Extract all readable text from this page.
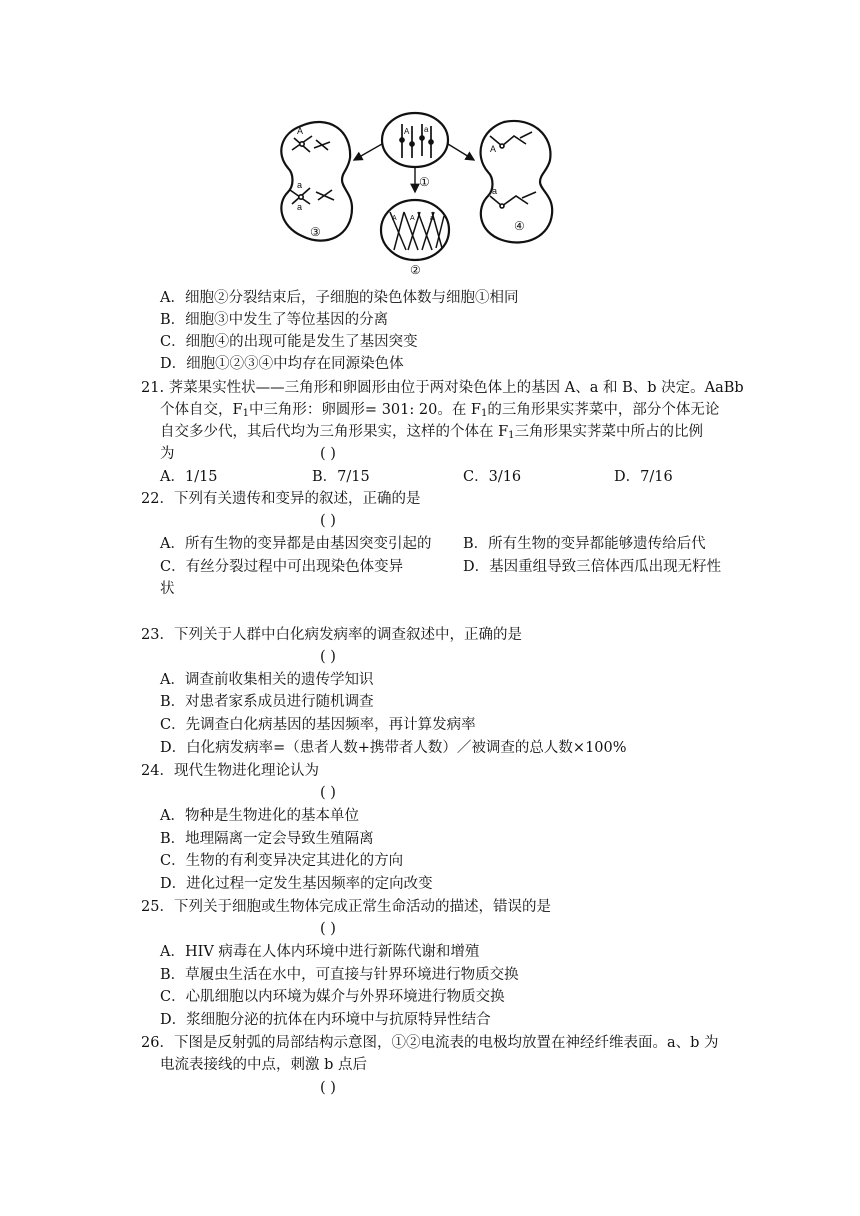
A
a
a
③
A a
①
A A a
②
A
a
④
A．细胞②分裂结束后，子细胞的染色体数与细胞①相同
B．细胞③中发生了等位基因的分离
C．细胞④的出现可能是发生了基因突变
D．细胞①②③④中均存在同源染色体
21. 荠菜果实性状——三角形和卵圆形由位于两对染色体上的基因 A、a 和 B、b 决定。AaBb
个体自交，$F_1$中三角形：卵圆形= 301: 20。在 $F_1$的三角形果实荠菜中，部分个体无论
自交多少代，其后代均为三角形果实，这样的个体在 $F_1$三角形果实荠菜中所占的比例
为	( )
A．1/15	B．7/15	C．3/16	D．7/16
22．下列有关遗传和变异的叙述，正确的是
( )
A．所有生物的变异都是由基因突变引起的 B．所有生物的变异都能够遗传给后代
C．有丝分裂过程中可出现染色体变异	D．基因重组导致三倍体西瓜出现无籽性
状
23．下列关于人群中白化病发病率的调查叙述中，正确的是
( )
A．调查前收集相关的遗传学知识
B．对患者家系成员进行随机调查
C．先调查白化病基因的基因频率，再计算发病率
D．白化病发病率=（患者人数+携带者人数）／被调查的总人数×100%
24．现代生物进化理论认为
( )
A．物种是生物进化的基本单位
B．地理隔离一定会导致生殖隔离
C．生物的有利变异决定其进化的方向
D．进化过程一定发生基因频率的定向改变
25．下列关于细胞或生物体完成正常生命活动的描述，错误的是
( )
A．HIV 病毒在人体内环境中进行新陈代谢和增殖
B．草履虫生活在水中，可直接与针界环境进行物质交换
C．心肌细胞以内环境为媒介与外界环境进行物质交换
D．浆细胞分泌的抗体在内环境中与抗原特异性结合
26．下图是反射弧的局部结构示意图，①②电流表的电极均放置在神经纤维表面。a、b 为
电流表接线的中点，刺激 b 点后
( )
